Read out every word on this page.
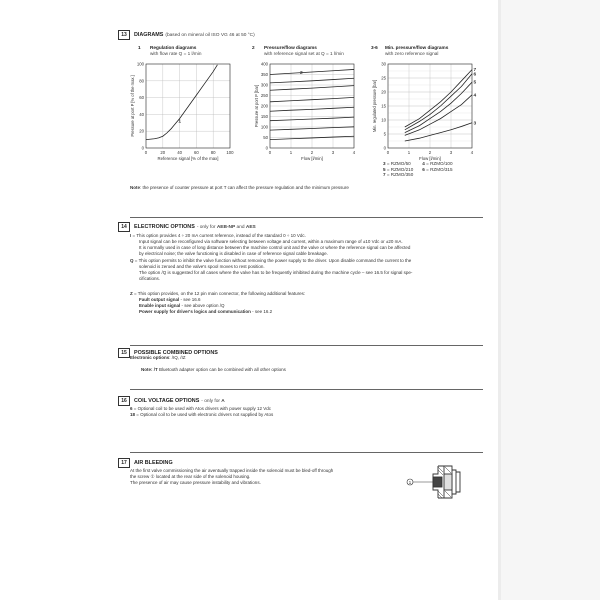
13	DIAGRAMS (based on mineral oil ISO VG 46 at 50 °C)
1 Regulation diagrams
with flow rate Q = 1 l/min
2 Pressure/flow diagrams
with reference signal set at Q = 1 l/min
3-6 Min. pressure/flow diagrams
with zero reference signal
0
20
40
60
80
100
0	20	40	60	80	100
1
Reference signal [% of the max]
Pressure at port P [% of the max.]
0
50
100
150
200
250
300
350
400
0	1	2	3	4
2
Flow [l/min]
Pressure at port P [bar]
0
5
10
15
20
25
30
0	1	2	3	4
7
6
5
4
3
Flow [l/min]
Min. regulated pressure [bar]
3 = RZMO/50	4 = RZMO/100
5 = RZMO/210 6 = RZMO/315
7 = RZMO/350
Note: the presence of counter pressure at port T can affect the pressure regulation and the minimum pressure
14	ELECTRONIC OPTIONS - only for AEB-NP and AES
I = This option provides 4 ÷ 20 mA current reference, instead of the standard 0 ÷ 10 Vdc.
Input signal can be reconfigured via software selecting between voltage and current, within a maximum range of ±10 Vdc or ±20 mA.
It is normally used in case of long distance between the machine control unit and the valve or where the reference signal can be affected
by electrical noise; the valve functioning is disabled in case of reference signal cable breakage.
Q = This option permits to inhibit the valve function without removing the power supply to the driver. Upon disable command the current to the
solenoid is zeroed and the valve's spool moves to rest position.
The option /Q is suggested for all cases where the valve has to be frequently inhibited during the machine cycle – see 16.5 for signal spe-
cifications.
Z = This option provides, on the 12 pin main connector, the following additional features:
Fault output signal - see 16.6
Enable input signal - see above option /Q
Power supply for driver's logics and communication - see 16.2
15	POSSIBLE COMBINED OPTIONS
Electronic options: /IQ, /IZ
Note: /T Bluetooth adapter option can be combined with all other options
16	COIL VOLTAGE OPTIONS - only for A
6 = Optional coil to be used with Atos drivers with power supply 12 Vdc
18 = Optional coil to be used with electronic drivers not supplied by Atos
17	AIR BLEEDING
At the first valve commissioning the air aventually trapped inside the solenoid must be bled-off through
the screw ① located at the rear side of the solenoid housing.
The presence of air may cause pressure instability and vibrations.	1
